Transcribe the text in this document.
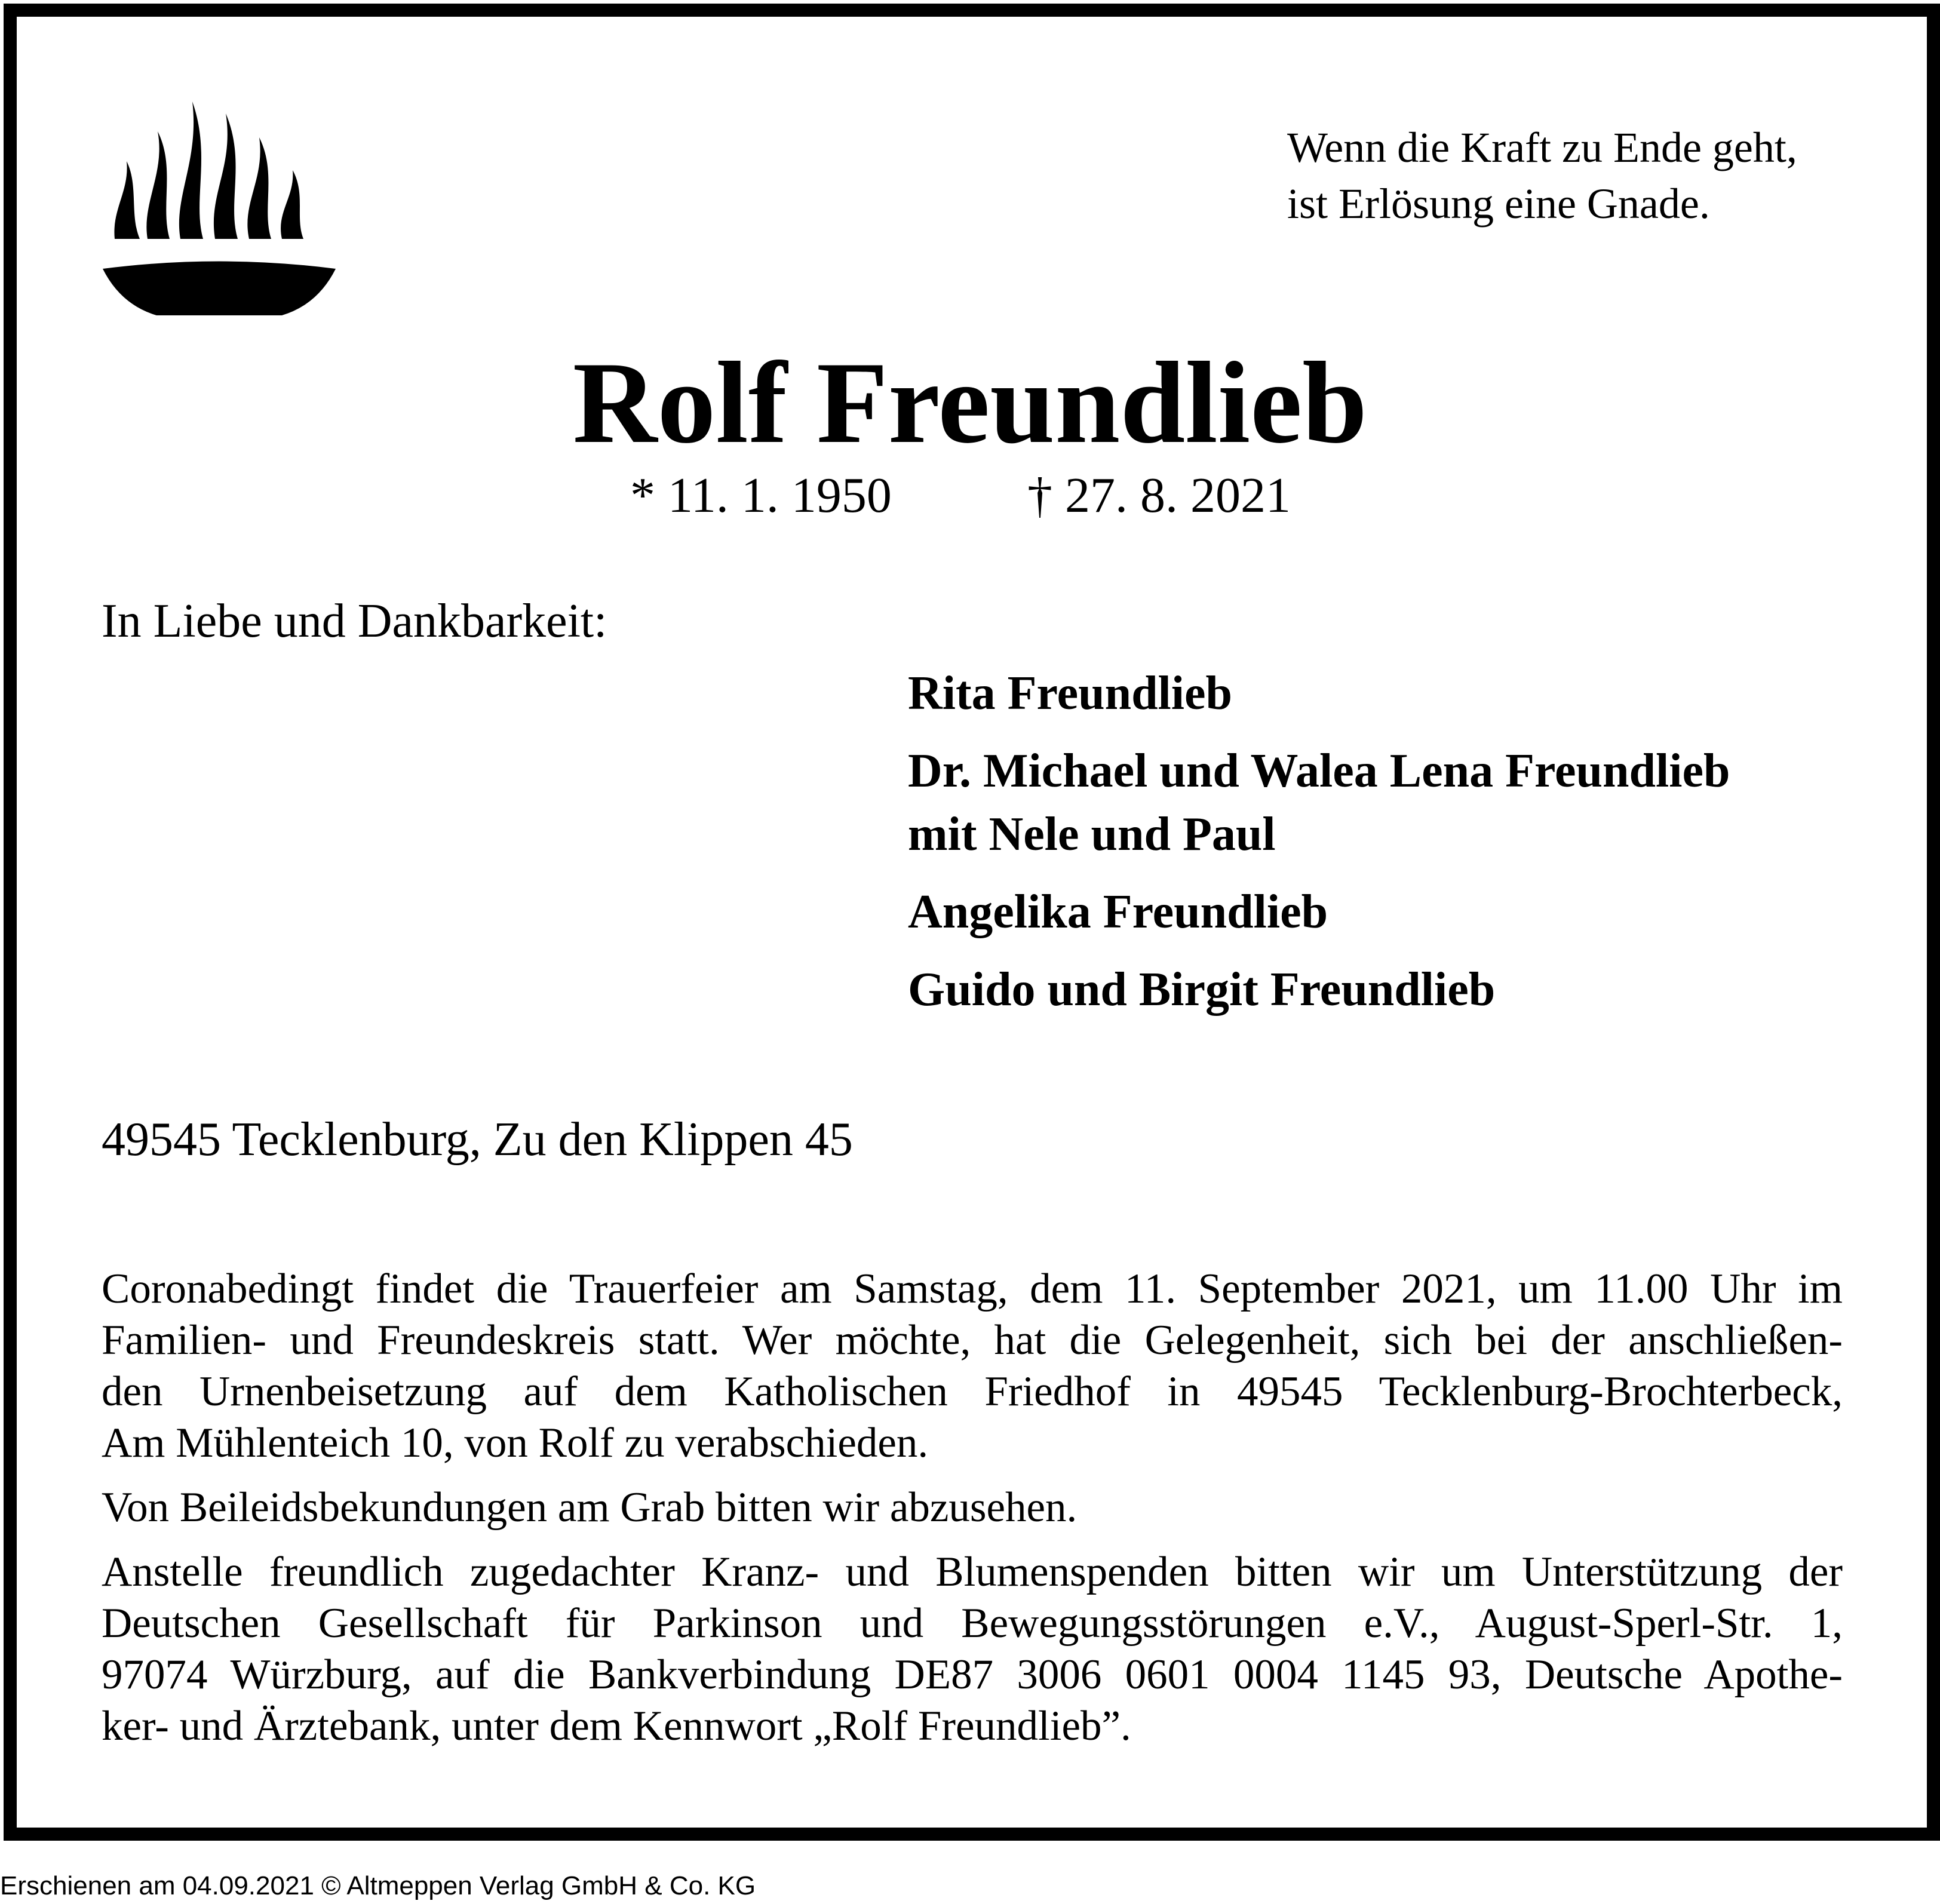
Wenn die Kraft zu Ende geht,
ist Erlösung eine Gnade.
Rolf Freundlieb
* 11. 1. 1950	† 27. 8. 2021
In Liebe und Dankbarkeit:
Rita Freundlieb
Dr. Michael und Walea Lena Freundlieb
mit Nele und Paul
Angelika Freundlieb
Guido und Birgit Freundlieb
49545 Tecklenburg, Zu den Klippen 45

Coronabedingt findet die Trauerfeier am Samstag, dem 11. September 2021, um 11.00 Uhr im
Familien- und Freundeskreis statt. Wer möchte, hat die Gelegenheit, sich bei der anschließen-
den Urnenbeisetzung auf dem Katholischen Friedhof in 49545 Tecklenburg-Brochterbeck,
Am Mühlenteich 10, von Rolf zu verabschieden.

Von Beileidsbekundungen am Grab bitten wir abzusehen.

Anstelle freundlich zugedachter Kranz- und Blumenspenden bitten wir um Unterstützung der
Deutschen Gesellschaft für Parkinson und Bewegungsstörungen e.V., August-Sperl-Str. 1,
97074 Würzburg, auf die Bankverbindung DE87 3006 0601 0004 1145 93, Deutsche Apothe-
ker- und Ärztebank, unter dem Kennwort „Rolf Freundlieb”.

Erschienen am 04.09.2021 © Altmeppen Verlag GmbH & Co. KG
